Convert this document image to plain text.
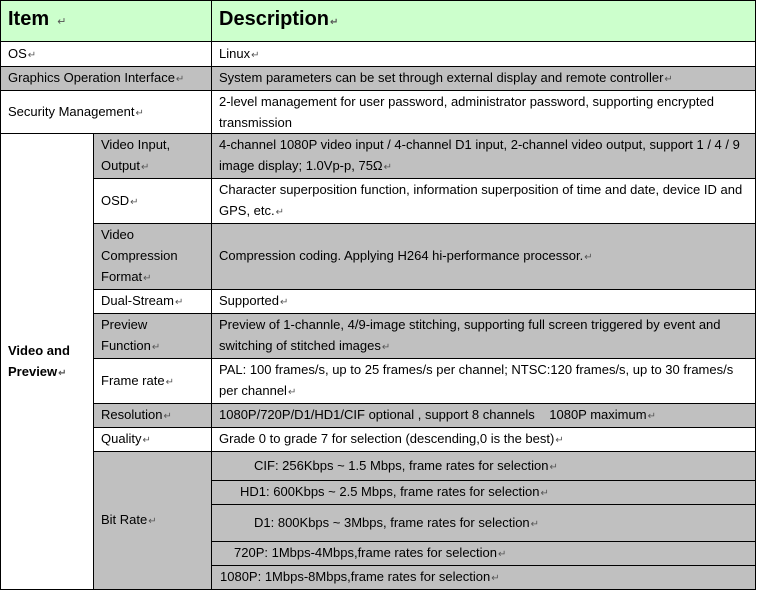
Item ↵		Description↵
OS↵		Linux↵
Graphics Operation Interface↵		System parameters can be set through external display and remote controller↵
Security Management↵		2-level management for user password, administrator password, supporting encrypted transmission
Video and Preview↵	Video Input, Output↵	4-channel 1080P video input / 4-channel D1 input, 2-channel video output, support 1 / 4 / 9 image display; 1.0Vp-p, 75Ω↵
	OSD↵	Character superposition function, information superposition of time and date, device ID and GPS, etc.↵
	Video Compression Format↵	Compression coding. Applying H264 hi-performance processor.↵
	Dual-Stream↵	Supported↵
	Preview Function↵	Preview of 1-channle, 4/9-image stitching, supporting full screen triggered by event and switching of stitched images↵
	Frame rate↵	PAL: 100 frames/s, up to 25 frames/s per channel; NTSC:120 frames/s, up to 30 frames/s per channel↵
	Resolution↵	1080P/720P/D1/HD1/CIF optional , support 8 channels    1080P maximum↵
	Quality↵	Grade 0 to grade 7 for selection (descending,0 is the best)↵
	Bit Rate↵	CIF: 256Kbps ~ 1.5 Mbps, frame rates for selection↵
		HD1: 600Kbps ~ 2.5 Mbps, frame rates for selection↵
		D1: 800Kbps ~ 3Mbps, frame rates for selection↵
		720P: 1Mbps-4Mbps,frame rates for selection↵
		1080P: 1Mbps-8Mbps,frame rates for selection↵
